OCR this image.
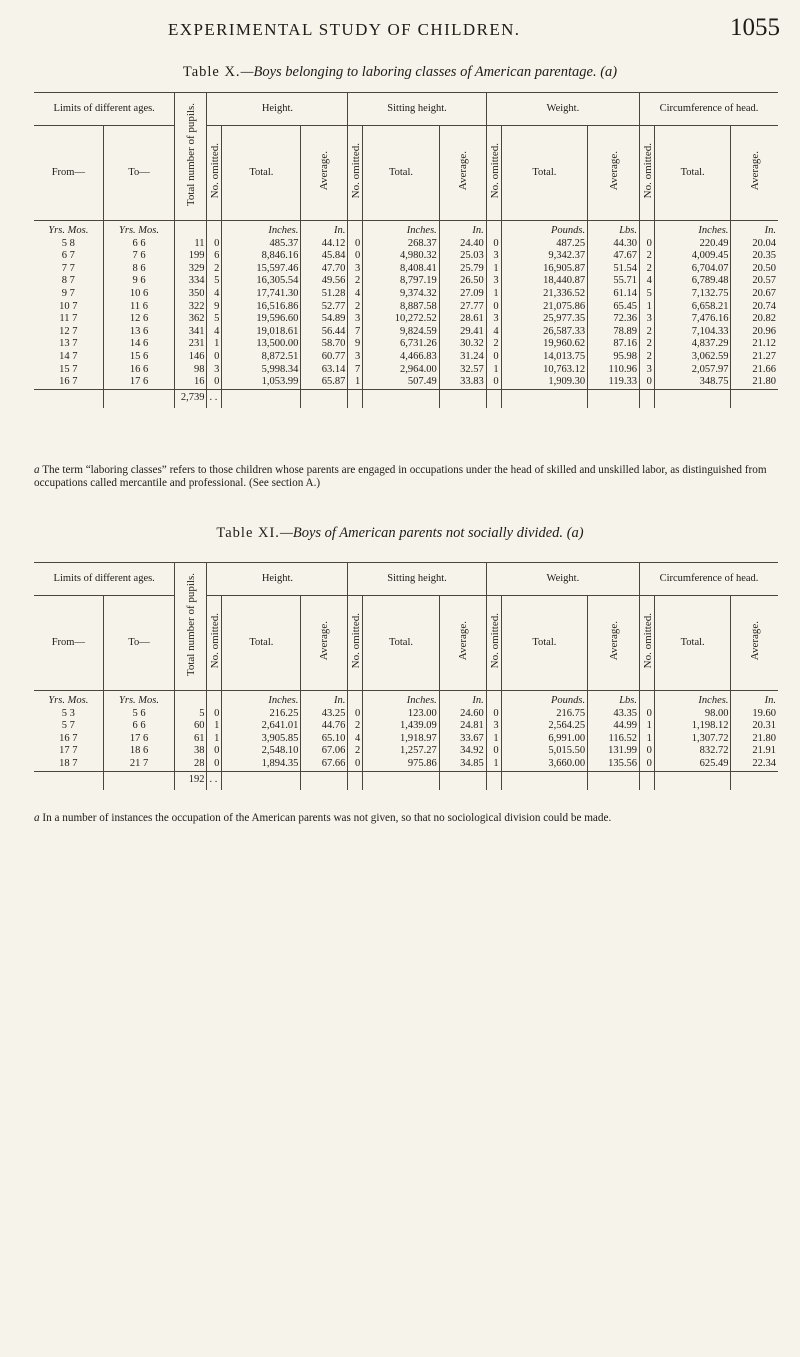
EXPERIMENTAL STUDY OF CHILDREN.	1055
Table X.—Boys belonging to laboring classes of American parentage. (a)
Limits of different ages.		Total number of pupils.	Height.			Sitting height.			Weight.			Circumference of head.		
From—	To—		No. omitted.	Total.	Average.	No. omitted.	Total.	Average.	No. omitted.	Total.	Average.	No. omitted.	Total.	Average.
Yrs. Mos.	Yrs. Mos.			Inches.	In.		Inches.	In.		Pounds.	Lbs.		Inches.	In.
5 8	6 6	11	0	485.37	44.12	0	268.37	24.40	0	487.25	44.30	0	220.49	20.04
6 7	7 6	199	6	8,846.16	45.84	0	4,980.32	25.03	3	9,342.37	47.67	2	4,009.45	20.35
7 7	8 6	329	2	15,597.46	47.70	3	8,408.41	25.79	1	16,905.87	51.54	2	6,704.07	20.50
8 7	9 6	334	5	16,305.54	49.56	2	8,797.19	26.50	3	18,440.87	55.71	4	6,789.48	20.57
9 7	10 6	350	4	17,741.30	51.28	4	9,374.32	27.09	1	21,336.52	61.14	5	7,132.75	20.67
10 7	11 6	322	9	16,516.86	52.77	2	8,887.58	27.77	0	21,075.86	65.45	1	6,658.21	20.74
11 7	12 6	362	5	19,596.60	54.89	3	10,272.52	28.61	3	25,977.35	72.36	3	7,476.16	20.82
12 7	13 6	341	4	19,018.61	56.44	7	9,824.59	29.41	4	26,587.33	78.89	2	7,104.33	20.96
13 7	14 6	231	1	13,500.00	58.70	9	6,731.26	30.32	2	19,960.62	87.16	2	4,837.29	21.12
14 7	15 6	146	0	8,872.51	60.77	3	4,466.83	31.24	0	14,013.75	95.98	2	3,062.59	21.27
15 7	16 6	98	3	5,998.34	63.14	7	2,964.00	32.57	1	10,763.12	110.96	3	2,057.97	21.66
16 7	17 6	16	0	1,053.99	65.87	1	507.49	33.83	0	1,909.30	119.33	0	348.75	21.80
		2,739	. .											
a The term “laboring classes” refers to those children whose parents are engaged in occupations under the head of skilled and unskilled labor, as distinguished from occupations called mercantile and professional. (See section A.)
Table XI.—Boys of American parents not socially divided. (a)
Limits of different ages.		Total number of pupils.	Height.			Sitting height.			Weight.			Circumference of head.		
From—	To—		No. omitted.	Total.	Average.	No. omitted.	Total.	Average.	No. omitted.	Total.	Average.	No. omitted.	Total.	Average.
Yrs. Mos.	Yrs. Mos.			Inches.	In.		Inches.	In.		Pounds.	Lbs.		Inches.	In.
5 3	5 6	5	0	216.25	43.25	0	123.00	24.60	0	216.75	43.35	0	98.00	19.60
5 7	6 6	60	1	2,641.01	44.76	2	1,439.09	24.81	3	2,564.25	44.99	1	1,198.12	20.31
16 7	17 6	61	1	3,905.85	65.10	4	1,918.97	33.67	1	6,991.00	116.52	1	1,307.72	21.80
17 7	18 6	38	0	2,548.10	67.06	2	1,257.27	34.92	0	5,015.50	131.99	0	832.72	21.91
18 7	21 7	28	0	1,894.35	67.66	0	975.86	34.85	1	3,660.00	135.56	0	625.49	22.34
		192	. .											
a In a number of instances the occupation of the American parents was not given, so that no sociological division could be made.
